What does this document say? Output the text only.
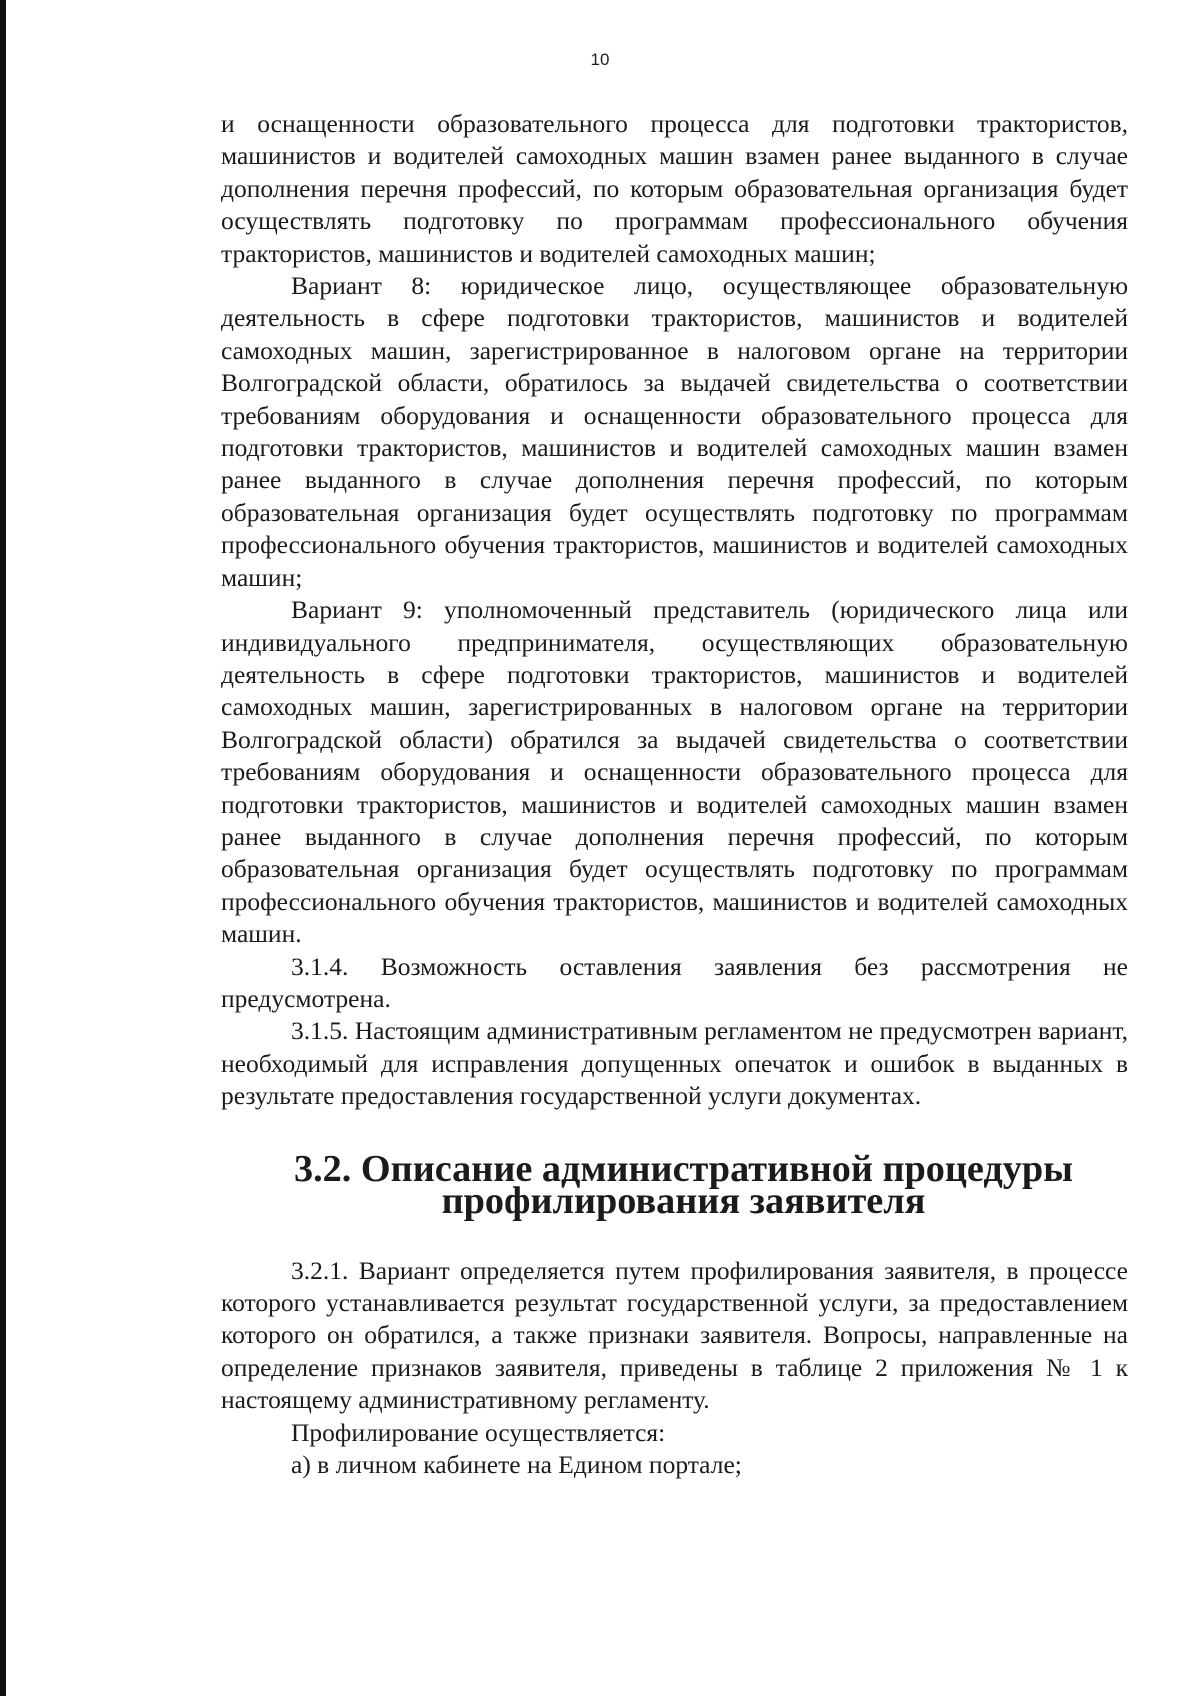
10

и оснащенности образовательного процесса для подготовки трактористов, машинистов и водителей самоходных машин взамен ранее выданного в случае дополнения перечня профессий, по которым образовательная организация будет осуществлять подготовку по программам профессионального обучения трактористов, машинистов и водителей самоходных машин;

Вариант 8: юридическое лицо, осуществляющее образовательную деятельность в сфере подготовки трактористов, машинистов и водителей самоходных машин, зарегистрированное в налоговом органе на территории Волгоградской области, обратилось за выдачей свидетельства о соответствии требованиям оборудования и оснащенности образовательного процесса для подготовки трактористов, машинистов и водителей самоходных машин взамен ранее выданного в случае дополнения перечня профессий, по которым образовательная организация будет осуществлять подготовку по программам профессионального обучения трактористов, машинистов и водителей самоходных машин;

Вариант 9: уполномоченный представитель (юридического лица или индивидуального предпринимателя, осуществляющих образовательную деятельность в сфере подготовки трактористов, машинистов и водителей самоходных машин, зарегистрированных в налоговом органе на территории Волгоградской области) обратился за выдачей свидетельства о соответствии требованиям оборудования и оснащенности образовательного процесса для подготовки трактористов, машинистов и водителей самоходных машин взамен ранее выданного в случае дополнения перечня профессий, по которым образовательная организация будет осуществлять подготовку по программам профессионального обучения трактористов, машинистов и водителей самоходных машин.

3.1.4. Возможность оставления заявления без рассмотрения не предусмотрена.

3.1.5. Настоящим административным регламентом не предусмотрен вариант, необходимый для исправления допущенных опечаток и ошибок в выданных в результате предоставления государственной услуги документах.

3.2. Описание административной процедуры профилирования заявителя

3.2.1. Вариант определяется путем профилирования заявителя, в процессе которого устанавливается результат государственной услуги, за предоставлением которого он обратился, а также признаки заявителя. Вопросы, направленные на определение признаков заявителя, приведены в таблице 2 приложения № 1 к настоящему административному регламенту.

Профилирование осуществляется:

а) в личном кабинете на Едином портале;
